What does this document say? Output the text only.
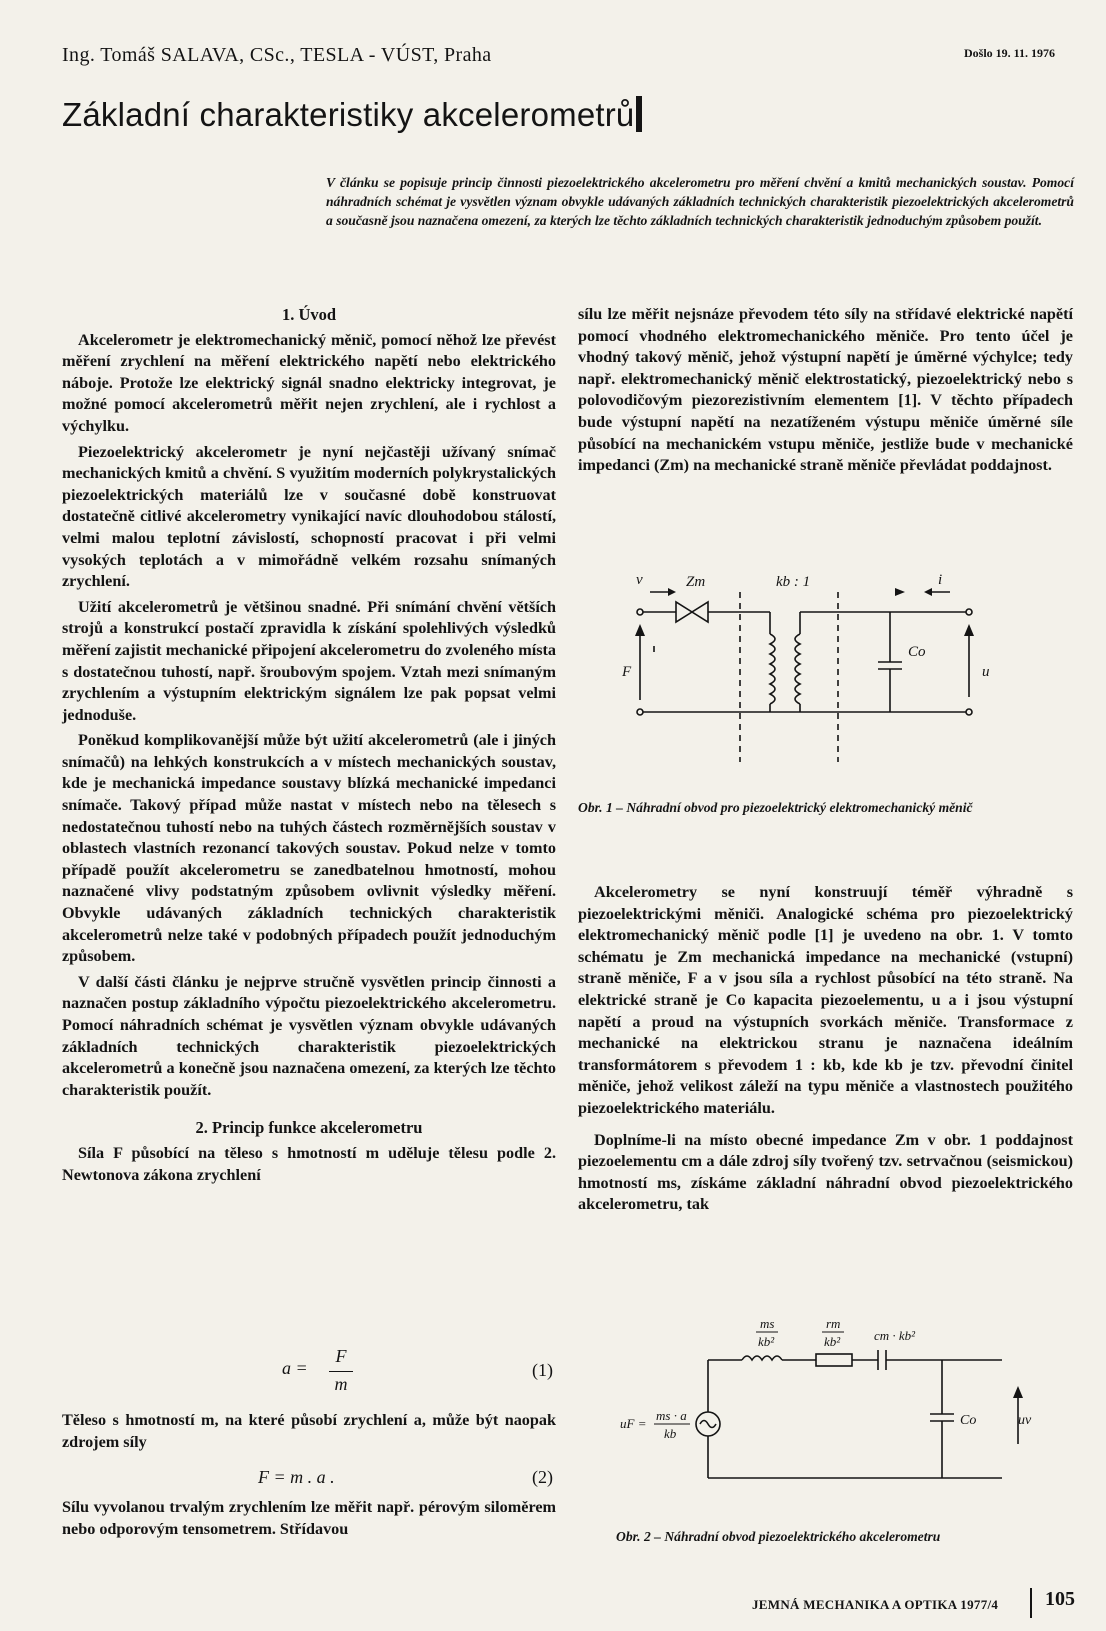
Ing. Tomáš SALAVA, CSc., TESLA - VÚST, Praha	Došlo 19. 11. 1976
Základní charakteristiky akcelerometrů
V článku se popisuje princip činnosti piezoelektrického akcelerometru pro měření chvění a kmitů mechanických soustav. Pomocí náhradních schémat je vysvětlen význam obvykle udávaných základních technických charakteristik piezoelektrických akcelerometrů a současně jsou naznačena omezení, za kterých lze těchto základních technických charakteristik jednoduchým způsobem použít.
1. Úvod

Akcelerometr je elektromechanický měnič, pomocí něhož lze převést měření zrychlení na měření elektrického napětí nebo elektrického náboje. Protože lze elektrický signál snadno elektricky integrovat, je možné pomocí akcelerometrů měřit nejen zrychlení, ale i rychlost a výchylku.

Piezoelektrický akcelerometr je nyní nejčastěji užívaný snímač mechanických kmitů a chvění. S využitím moderních polykrystalických piezoelektrických materiálů lze v současné době konstruovat dostatečně citlivé akcelerometry vynikající navíc dlouhodobou stálostí, velmi malou teplotní závislostí, schopností pracovat i při velmi vysokých teplotách a v mimořádně velkém rozsahu snímaných zrychlení.

Užití akcelerometrů je většinou snadné. Při snímání chvění větších strojů a konstrukcí postačí zpravidla k získání spolehlivých výsledků měření zajistit mechanické připojení akcelerometru do zvoleného místa s dostatečnou tuhostí, např. šroubovým spojem. Vztah mezi snímaným zrychlením a výstupním elektrickým signálem lze pak popsat velmi jednoduše.

Poněkud komplikovanější může být užití akcelerometrů (ale i jiných snímačů) na lehkých konstrukcích a v místech mechanických soustav, kde je mechanická impedance soustavy blízká mechanické impedanci snímače. Takový případ může nastat v místech nebo na tělesech s nedostatečnou tuhostí nebo na tuhých částech rozměrnějších soustav v oblastech vlastních rezonancí takových soustav. Pokud nelze v tomto případě použít akcelerometru se zanedbatelnou hmotností, mohou naznačené vlivy podstatným způsobem ovlivnit výsledky měření. Obvykle udávaných základních technických charakteristik akcelerometrů nelze také v podobných případech použít jednoduchým způsobem.

V další části článku je nejprve stručně vysvětlen princip činnosti a naznačen postup základního výpočtu piezoelektrického akcelerometru. Pomocí náhradních schémat je vysvětlen význam obvykle udávaných základních technických charakteristik piezoelektrických akcelerometrů a konečně jsou naznačena omezení, za kterých lze těchto charakteristik použít.

2. Princip funkce akcelerometru

Síla F působící na těleso s hmotností m uděluje tělesu podle 2. Newtonova zákona zrychlení

a =
F
m
(1)

Těleso s hmotností m, na které působí zrychlení a, může být naopak zdrojem síly

F = m . a .	(2)

Sílu vyvolanou trvalým zrychlením lze měřit např. pérovým siloměrem nebo odporovým tensometrem. Střídavou

sílu lze měřit nejsnáze převodem této síly na střídavé elektrické napětí pomocí vhodného elektromechanického měniče. Pro tento účel je vhodný takový měnič, jehož výstupní napětí je úměrné výchylce; tedy např. elektromechanický měnič elektrostatický, piezoelektrický nebo s polovodičovým piezorezistivním elementem [1]. V těchto případech bude výstupní napětí na nezatíženém výstupu měniče úměrné síle působící na mechanickém vstupu měniče, jestliže bude v mechanické impedanci (Zm) na mechanické straně měniče převládat poddajnost.

v	Zm	kb : 1	i
F
Co
u
Obr. 1 – Náhradní obvod pro piezoelektrický elektromechanický měnič

Akcelerometry se nyní konstruují téměř výhradně s piezoelektrickými měniči. Analogické schéma pro piezoelektrický elektromechanický měnič podle [1] je uvedeno na obr. 1. V tomto schématu je Zm mechanická impedance na mechanické (vstupní) straně měniče, F a v jsou síla a rychlost působící na této straně. Na elektrické straně je Co kapacita piezoelementu, u a i jsou výstupní napětí a proud na výstupních svorkách měniče. Transformace z mechanické na elektrickou stranu je naznačena ideálním transformátorem s převodem 1 : kb, kde kb je tzv. převodní činitel měniče, jehož velikost záleží na typu měniče a vlastnostech použitého piezoelektrického materiálu.

Doplníme-li na místo obecné impedance Zm v obr. 1 poddajnost piezoelementu cm a dále zdroj síly tvořený tzv. setrvačnou (seismickou) hmotností ms, získáme základní náhradní obvod piezoelektrického akcelerometru, tak

ms
kb²
rm
kb²	cm · kb²
uF =
ms · a
kb
Co	uv
Obr. 2 – Náhradní obvod piezoelektrického akcelerometru
JEMNÁ MECHANIKA A OPTIKA 1977/4 105
